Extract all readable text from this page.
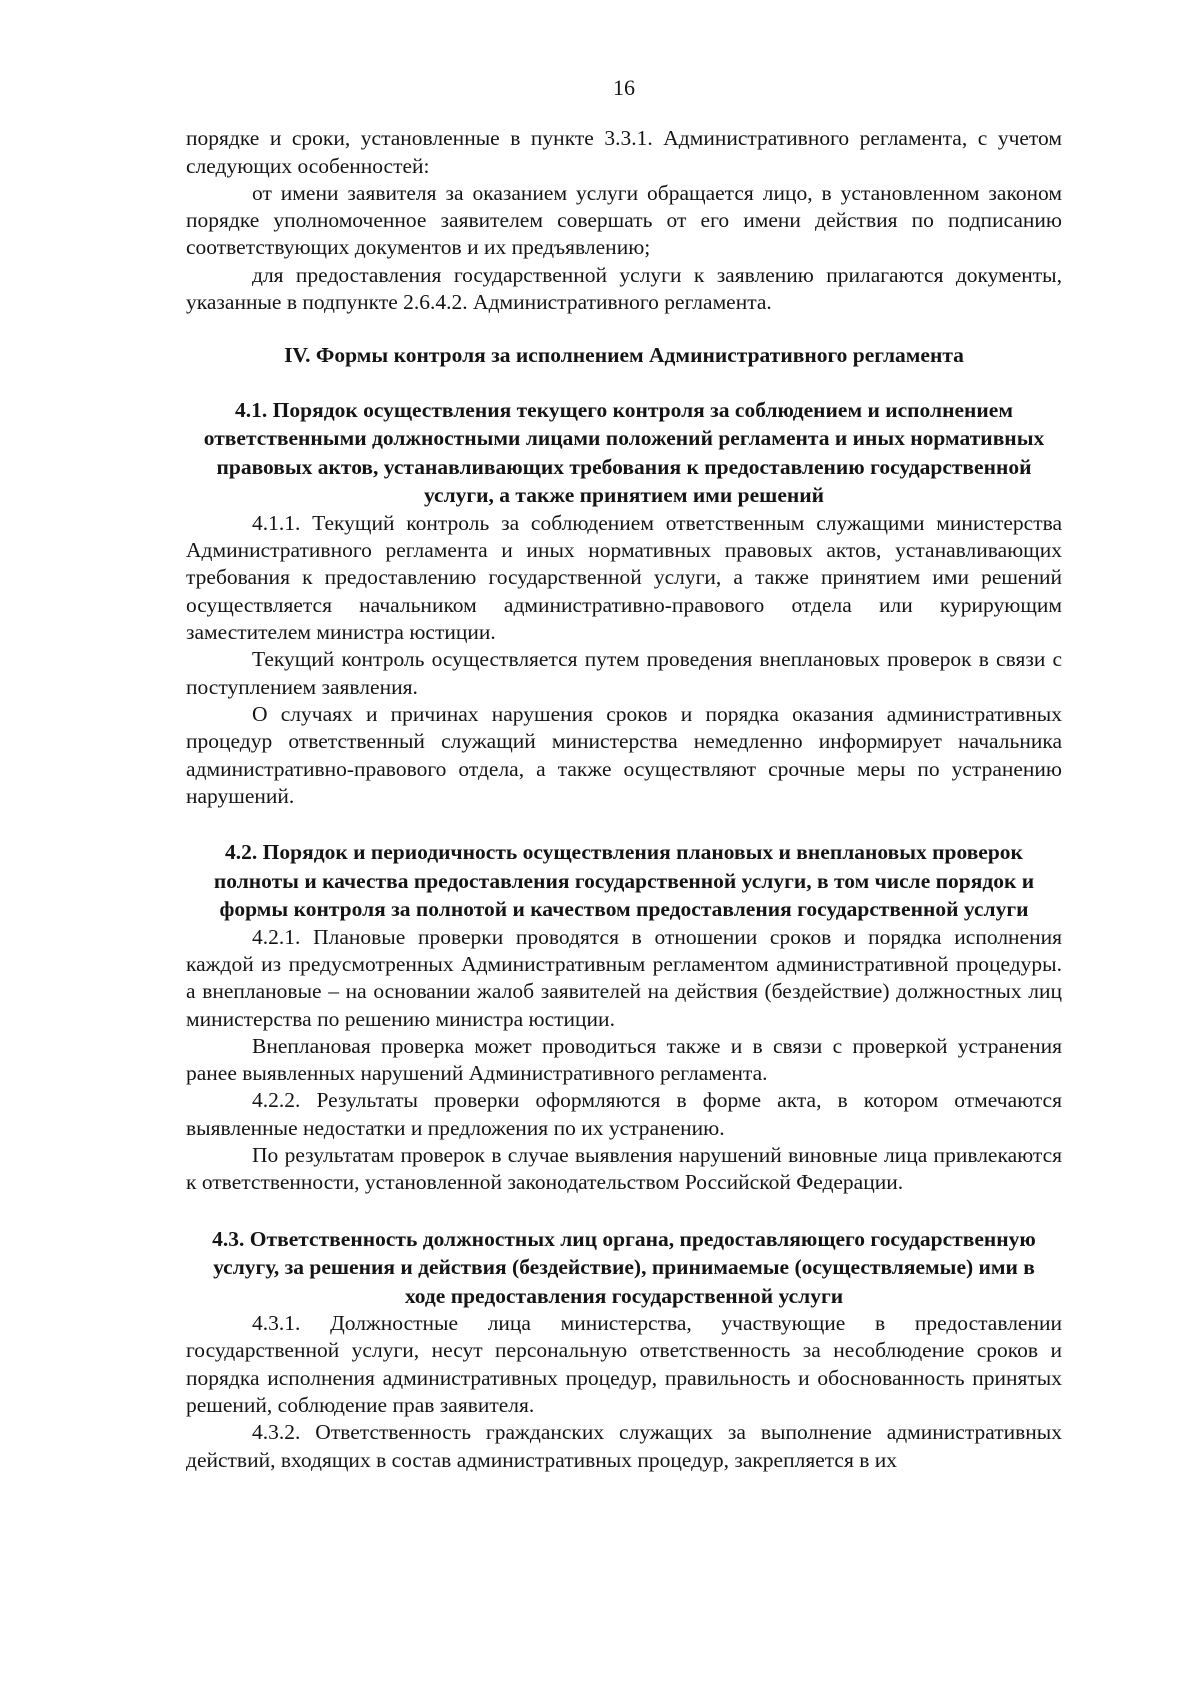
16

порядке и сроки, установленные в пункте 3.3.1. Административного регламента, с учетом следующих особенностей:

от имени заявителя за оказанием услуги обращается лицо, в установленном законом порядке уполномоченное заявителем совершать от его имени действия по подписанию соответствующих документов и их предъявлению;

для предоставления государственной услуги к заявлению прилагаются документы, указанные в подпункте 2.6.4.2. Административного регламента.

IV. Формы контроля за исполнением Административного регламента
4.1. Порядок осуществления текущего контроля за соблюдением и исполнением ответственными должностными лицами положений регламента и иных нормативных правовых актов, устанавливающих требования к предоставлению государственной услуги, а также принятием ими решений

4.1.1. Текущий контроль за соблюдением ответственным служащими министерства Административного регламента и иных нормативных правовых актов, устанавливающих требования к предоставлению государственной услуги, а также принятием ими решений осуществляется начальником административно-правового отдела или курирующим заместителем министра юстиции.

Текущий контроль осуществляется путем проведения внеплановых проверок в связи с поступлением заявления.

О случаях и причинах нарушения сроков и порядка оказания административных процедур ответственный служащий министерства немедленно информирует начальника административно-правового отдела, а также осуществляют срочные меры по устранению нарушений.

4.2. Порядок и периодичность осуществления плановых и внеплановых проверок полноты и качества предоставления государственной услуги, в том числе порядок и формы контроля за полнотой и качеством предоставления государственной услуги

4.2.1. Плановые проверки проводятся в отношении сроков и порядка исполнения каждой из предусмотренных Административным регламентом административной процедуры. а внеплановые – на основании жалоб заявителей на действия (бездействие) должностных лиц министерства по решению министра юстиции.

Внеплановая проверка может проводиться также и в связи с проверкой устранения ранее выявленных нарушений Административного регламента.

4.2.2. Результаты проверки оформляются в форме акта, в котором отмечаются выявленные недостатки и предложения по их устранению.

По результатам проверок в случае выявления нарушений виновные лица привлекаются к ответственности, установленной законодательством Российской Федерации.

4.3. Ответственность должностных лиц органа, предоставляющего государственную услугу, за решения и действия (бездействие), принимаемые (осуществляемые) ими в ходе предоставления государственной услуги

4.3.1. Должностные лица министерства, участвующие в предоставлении государственной услуги, несут персональную ответственность за несоблюдение сроков и порядка исполнения административных процедур, правильность и обоснованность принятых решений, соблюдение прав заявителя.

4.3.2. Ответственность гражданских служащих за выполнение административных действий, входящих в состав административных процедур, закрепляется в их
